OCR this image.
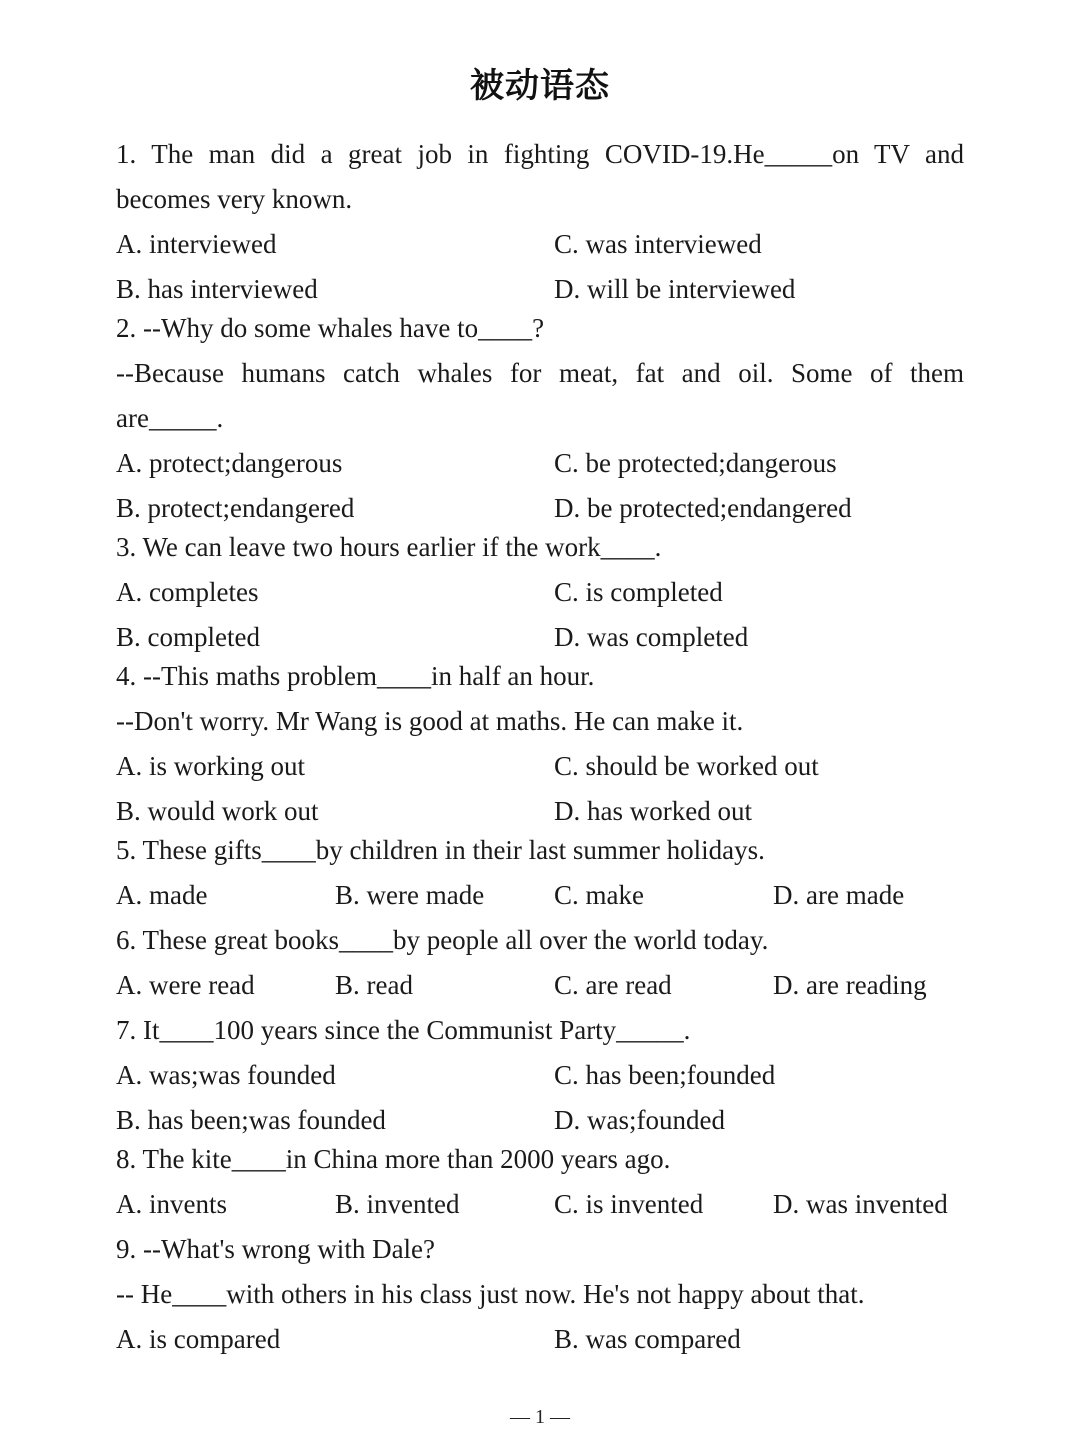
被动语态
1. The man did a great job in fighting COVID-19.He_____on TV and
becomes very known.
A. interviewed	C. was interviewed
B. has interviewed	D. will be interviewed
2. --Why do some whales have to____?
--Because humans catch whales for meat, fat and oil. Some of them
are_____.
A. protect;dangerous	C. be protected;dangerous
B. protect;endangered	D. be protected;endangered
3. We can leave two hours earlier if the work____.
A. completes	C. is completed
B. completed	D. was completed
4. --This maths problem____in half an hour.
--Don't worry. Mr Wang is good at maths. He can make it.
A. is working out	C. should be worked out
B. would work out	D. has worked out
5. These gifts____by children in their last summer holidays.
A. made	B. were made	C. make	D. are made
6. These great books____by people all over the world today.
A. were read	B. read	C. are read	D. are reading
7. It____100 years since the Communist Party_____.
A. was;was founded	C. has been;founded
B. has been;was founded	D. was;founded
8. The kite____in China more than 2000 years ago.
A. invents	B. invented	C. is invented	D. was invented
9. --What's wrong with Dale?
-- He____with others in his class just now. He's not happy about that.
A. is compared	B. was compared
— 1 —
